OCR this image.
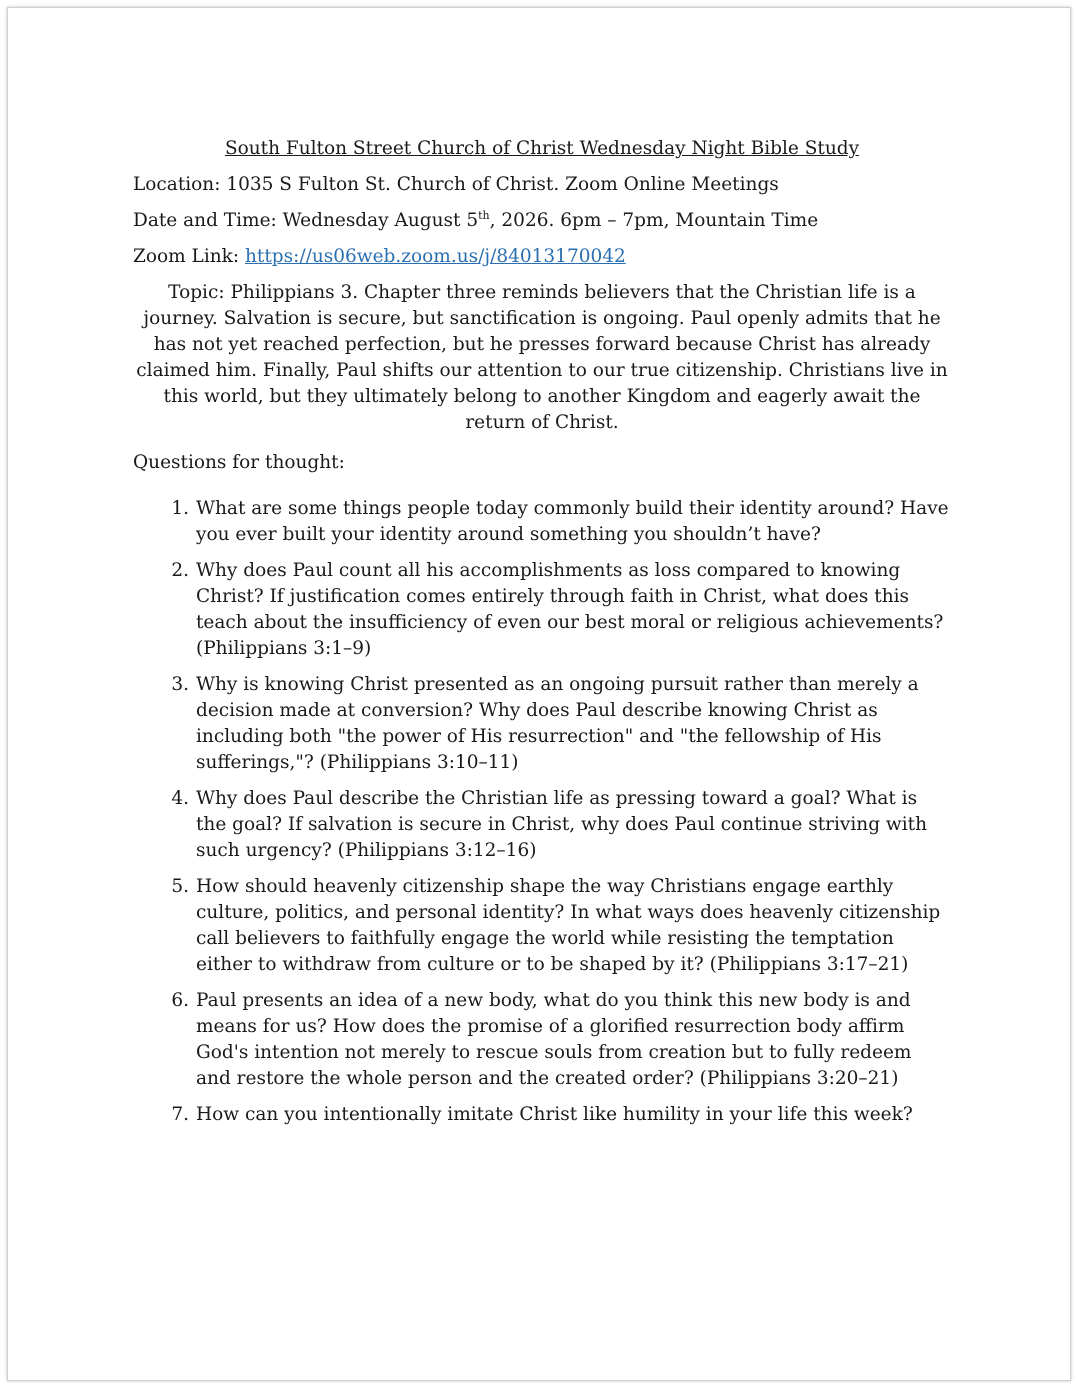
South Fulton Street Church of Christ Wednesday Night Bible Study
Location: 1035 S Fulton St. Church of Christ. Zoom Online Meetings
Date and Time: Wednesday August 5th, 2026. 6pm – 7pm, Mountain Time
Zoom Link: https://us06web.zoom.us/j/84013170042
Topic: Philippians 3. Chapter three reminds believers that the Christian life is a journey. Salvation is secure, but sanctification is ongoing. Paul openly admits that he has not yet reached perfection, but he presses forward because Christ has already claimed him. Finally, Paul shifts our attention to our true citizenship. Christians live in this world, but they ultimately belong to another Kingdom and eagerly await the return of Christ.
Questions for thought:
1. What are some things people today commonly build their identity around? Have you ever built your identity around something you shouldn’t have?
2. Why does Paul count all his accomplishments as loss compared to knowing Christ? If justification comes entirely through faith in Christ, what does this teach about the insufficiency of even our best moral or religious achievements? (Philippians 3:1–9)
3. Why is knowing Christ presented as an ongoing pursuit rather than merely a decision made at conversion? Why does Paul describe knowing Christ as including both "the power of His resurrection" and "the fellowship of His sufferings,"? (Philippians 3:10–11)
4. Why does Paul describe the Christian life as pressing toward a goal? What is the goal? If salvation is secure in Christ, why does Paul continue striving with such urgency? (Philippians 3:12–16)
5. How should heavenly citizenship shape the way Christians engage earthly culture, politics, and personal identity? In what ways does heavenly citizenship call believers to faithfully engage the world while resisting the temptation either to withdraw from culture or to be shaped by it? (Philippians 3:17–21)
6. Paul presents an idea of a new body, what do you think this new body is and means for us? How does the promise of a glorified resurrection body affirm God's intention not merely to rescue souls from creation but to fully redeem and restore the whole person and the created order? (Philippians 3:20–21)
7. How can you intentionally imitate Christ like humility in your life this week?
